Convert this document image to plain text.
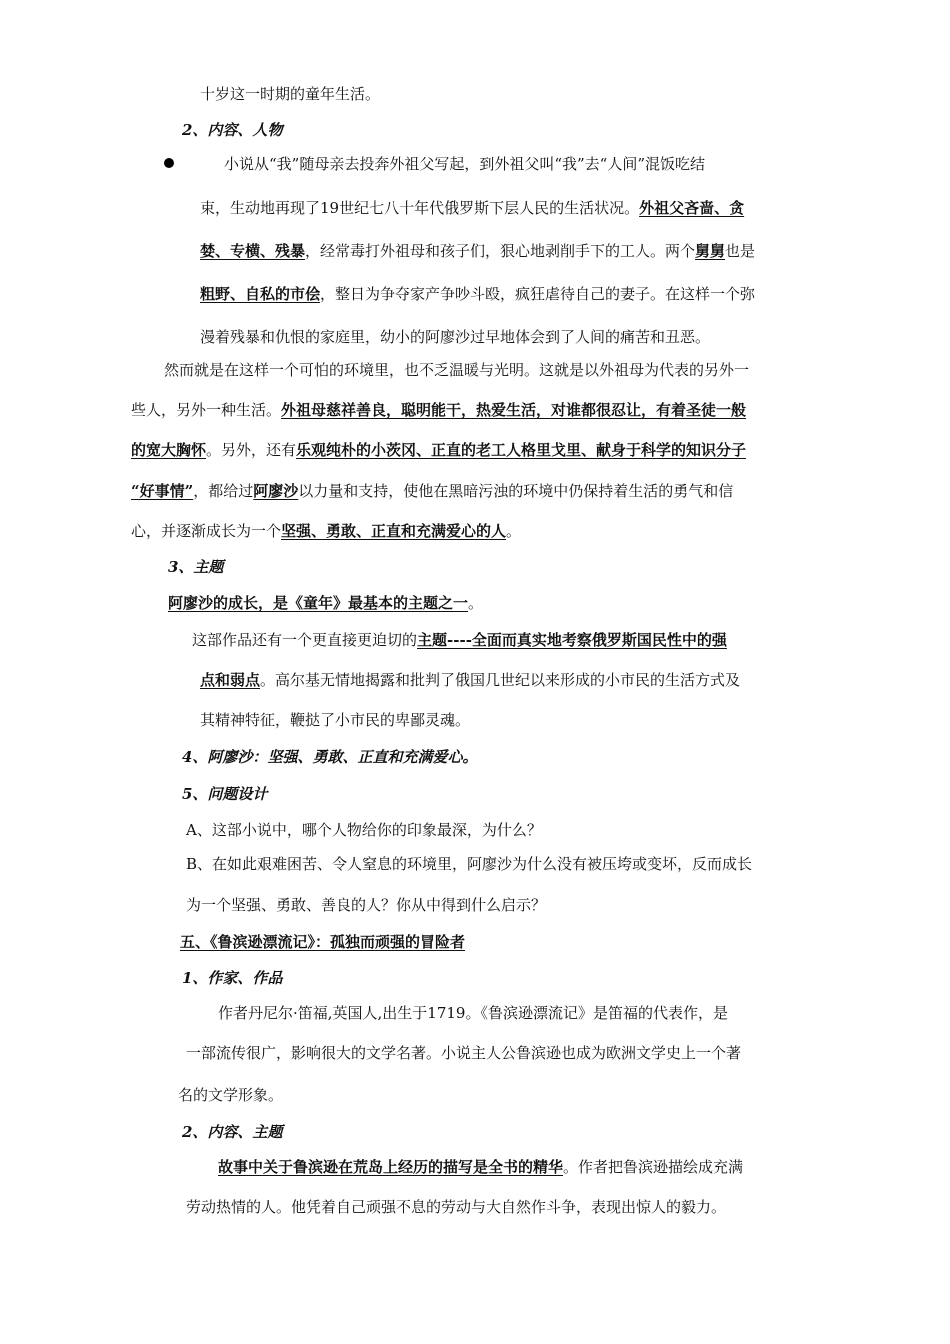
十岁这一时期的童年生活。
2、内容、人物
小说从“我”随母亲去投奔外祖父写起，到外祖父叫“我”去“人间”混饭吃结
束，生动地再现了19世纪七八十年代俄罗斯下层人民的生活状况。外祖父吝啬、贪
婪、专横、残暴，经常毒打外祖母和孩子们，狠心地剥削手下的工人。两个舅舅也是
粗野、自私的市侩，整日为争夺家产争吵斗殴，疯狂虐待自己的妻子。在这样一个弥
漫着残暴和仇恨的家庭里，幼小的阿廖沙过早地体会到了人间的痛苦和丑恶。
然而就是在这样一个可怕的环境里，也不乏温暖与光明。这就是以外祖母为代表的另外一
些人，另外一种生活。外祖母慈祥善良，聪明能干，热爱生活，对谁都很忍让，有着圣徒一般
的宽大胸怀。另外，还有乐观纯朴的小茨冈、正直的老工人格里戈里、献身于科学的知识分子
“好事情”，都给过阿廖沙以力量和支持，使他在黑暗污浊的环境中仍保持着生活的勇气和信
心，并逐渐成长为一个坚强、勇敢、正直和充满爱心的人。
3、主题
阿廖沙的成长，是《童年》最基本的主题之一。
这部作品还有一个更直接更迫切的主题----全面而真实地考察俄罗斯国民性中的强
点和弱点。高尔基无情地揭露和批判了俄国几世纪以来形成的小市民的生活方式及
其精神特征，鞭挞了小市民的卑鄙灵魂。
4、阿廖沙：坚强、勇敢、正直和充满爱心。
5、问题设计
A、这部小说中，哪个人物给你的印象最深，为什么？
B、在如此艰难困苦、令人窒息的环境里，阿廖沙为什么没有被压垮或变坏，反而成长
为一个坚强、勇敢、善良的人？你从中得到什么启示？
五、《鲁滨逊漂流记》：孤独而顽强的冒险者
1、作家、作品
作者丹尼尔·笛福,英国人,出生于1719。《鲁滨逊漂流记》是笛福的代表作，是
一部流传很广，影响很大的文学名著。小说主人公鲁滨逊也成为欧洲文学史上一个著
名的文学形象。
2、内容、主题
故事中关于鲁滨逊在荒岛上经历的描写是全书的精华。作者把鲁滨逊描绘成充满
劳动热情的人。他凭着自己顽强不息的劳动与大自然作斗争，表现出惊人的毅力。
